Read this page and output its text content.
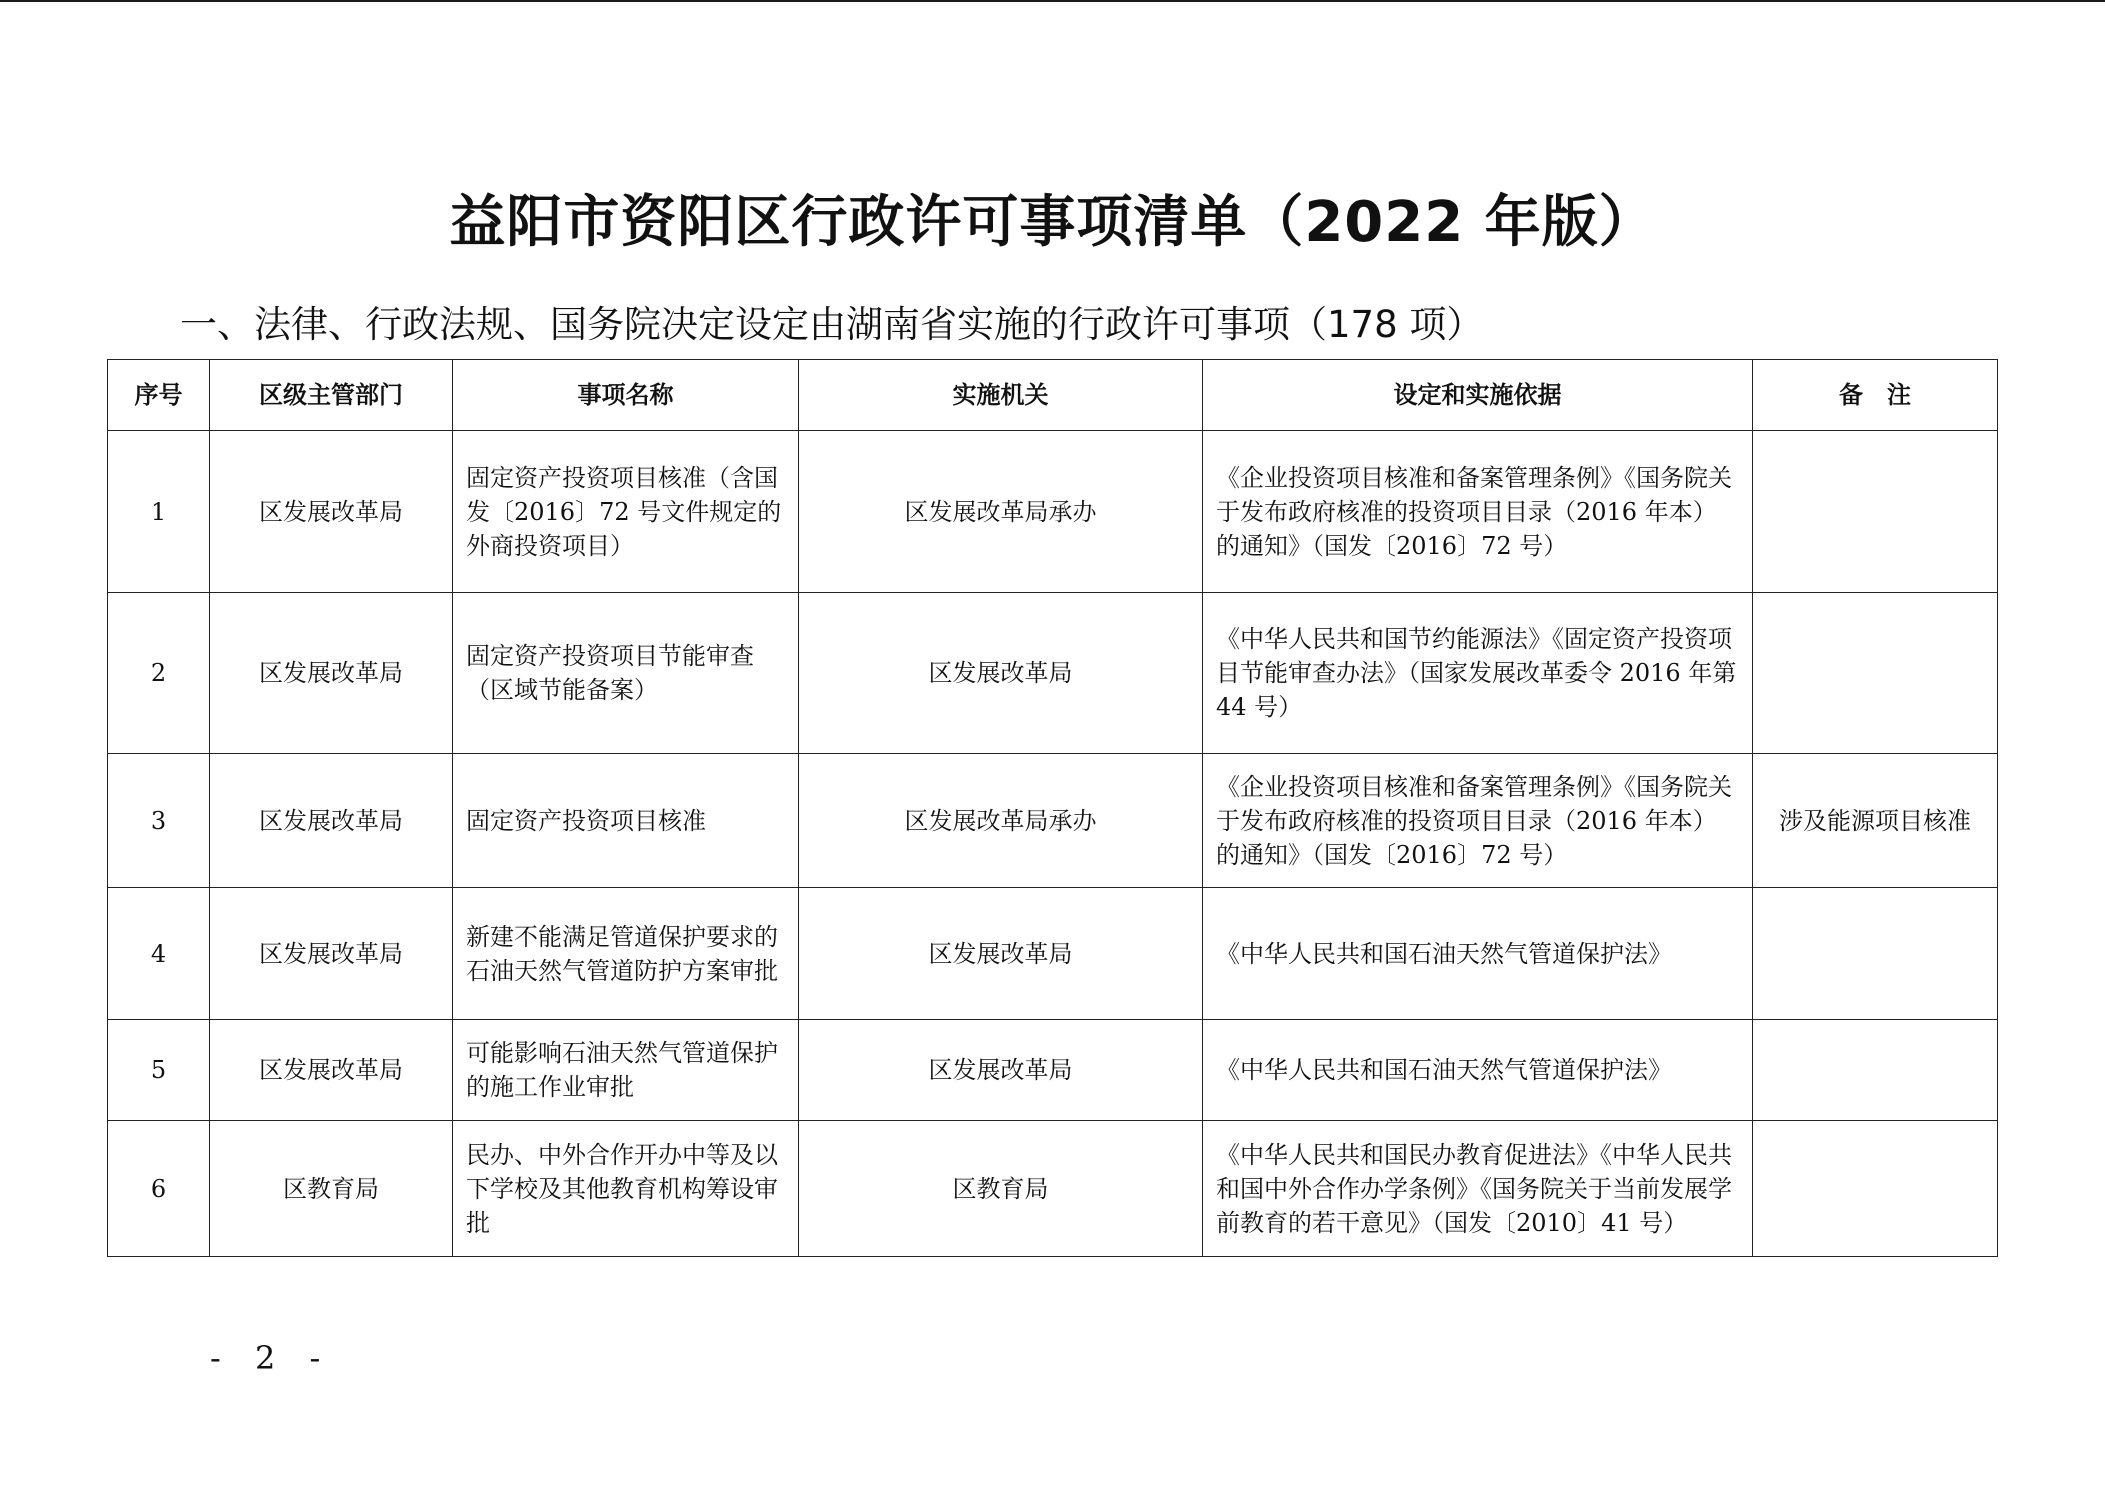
益阳市资阳区行政许可事项清单（2022 年版）
一、法律、行政法规、国务院决定设定由湖南省实施的行政许可事项（178 项）
序号	区级主管部门	事项名称	实施机关	设定和实施依据	备　注
1	区发展改革局	固定资产投资项目核准（含国发〔2016〕72 号文件规定的外商投资项目）	区发展改革局承办	《企业投资项目核准和备案管理条例》《国务院关于发布政府核准的投资项目目录（2016 年本）的通知》（国发〔2016〕72 号）	
2	区发展改革局	固定资产投资项目节能审查（区域节能备案）	区发展改革局	《中华人民共和国节约能源法》《固定资产投资项目节能审查办法》（国家发展改革委令 2016 年第 44 号）	
3	区发展改革局	固定资产投资项目核准	区发展改革局承办	《企业投资项目核准和备案管理条例》《国务院关于发布政府核准的投资项目目录（2016 年本）的通知》（国发〔2016〕72 号）	涉及能源项目核准
4	区发展改革局	新建不能满足管道保护要求的石油天然气管道防护方案审批	区发展改革局	《中华人民共和国石油天然气管道保护法》	
5	区发展改革局	可能影响石油天然气管道保护的施工作业审批	区发展改革局	《中华人民共和国石油天然气管道保护法》	
6	区教育局	民办、中外合作开办中等及以下学校及其他教育机构筹设审批	区教育局	《中华人民共和国民办教育促进法》《中华人民共和国中外合作办学条例》《国务院关于当前发展学前教育的若干意见》（国发〔2010〕41 号）	
- 2 -
